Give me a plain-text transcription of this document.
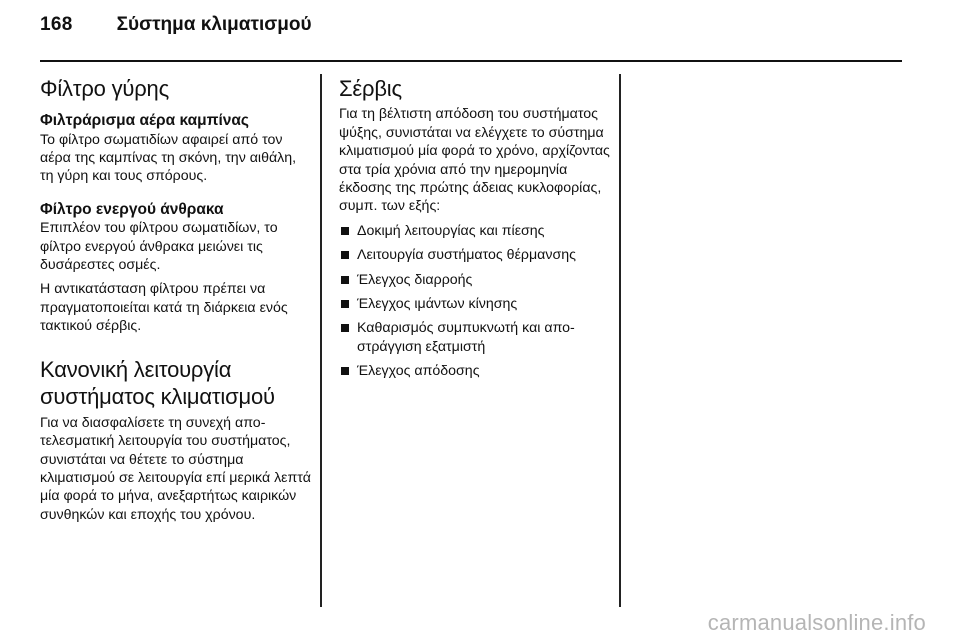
168 Σύστημα κλιματισμού
Φίλτρο γύρης
Φιλτράρισμα αέρα καμπίνας

Το φίλτρο σωματιδίων αφαιρεί από τον αέρα της καμπίνας τη σκόνη, την αιθάλη, τη γύρη και τους σπόρους.

Φίλτρο ενεργού άνθρακα

Επιπλέον του φίλτρου σωματιδίων, το φίλτρο ενεργού άνθρακα μειώνει τις δυσάρεστες οσμές.

Η αντικατάσταση φίλτρου πρέπει να πραγματοποιείται κατά τη διάρκεια ενός τακτικού σέρβις.

Κανονική λειτουργία συστήματος κλιματισμού

Για να διασφαλίσετε τη συνεχή αποτελεσματική λειτουργία του συστήματος, συνιστάται να θέτετε το σύστημα κλιματισμού σε λειτουργία επί μερικά λεπτά μία φορά το μήνα, ανεξαρτήτως καιρικών συνθηκών και εποχής του χρόνου.

Σέρβις

Για τη βέλτιστη απόδοση του συστήματος ψύξης, συνιστάται να ελέγχετε το σύστημα κλιματισμού μία φορά το χρόνο, αρχίζοντας στα τρία χρόνια από την ημερομηνία έκδοσης της πρώτης άδειας κυκλοφορίας, συμπ. των εξής:

Δοκιμή λειτουργίας και πίεσης
Λειτουργία συστήματος θέρμανσης
Έλεγχος διαρροής
Έλεγχος ιμάντων κίνησης
Καθαρισμός συμπυκνωτή και αποστράγγιση εξατμιστή
Έλεγχος απόδοσης
carmanualsonline.info
